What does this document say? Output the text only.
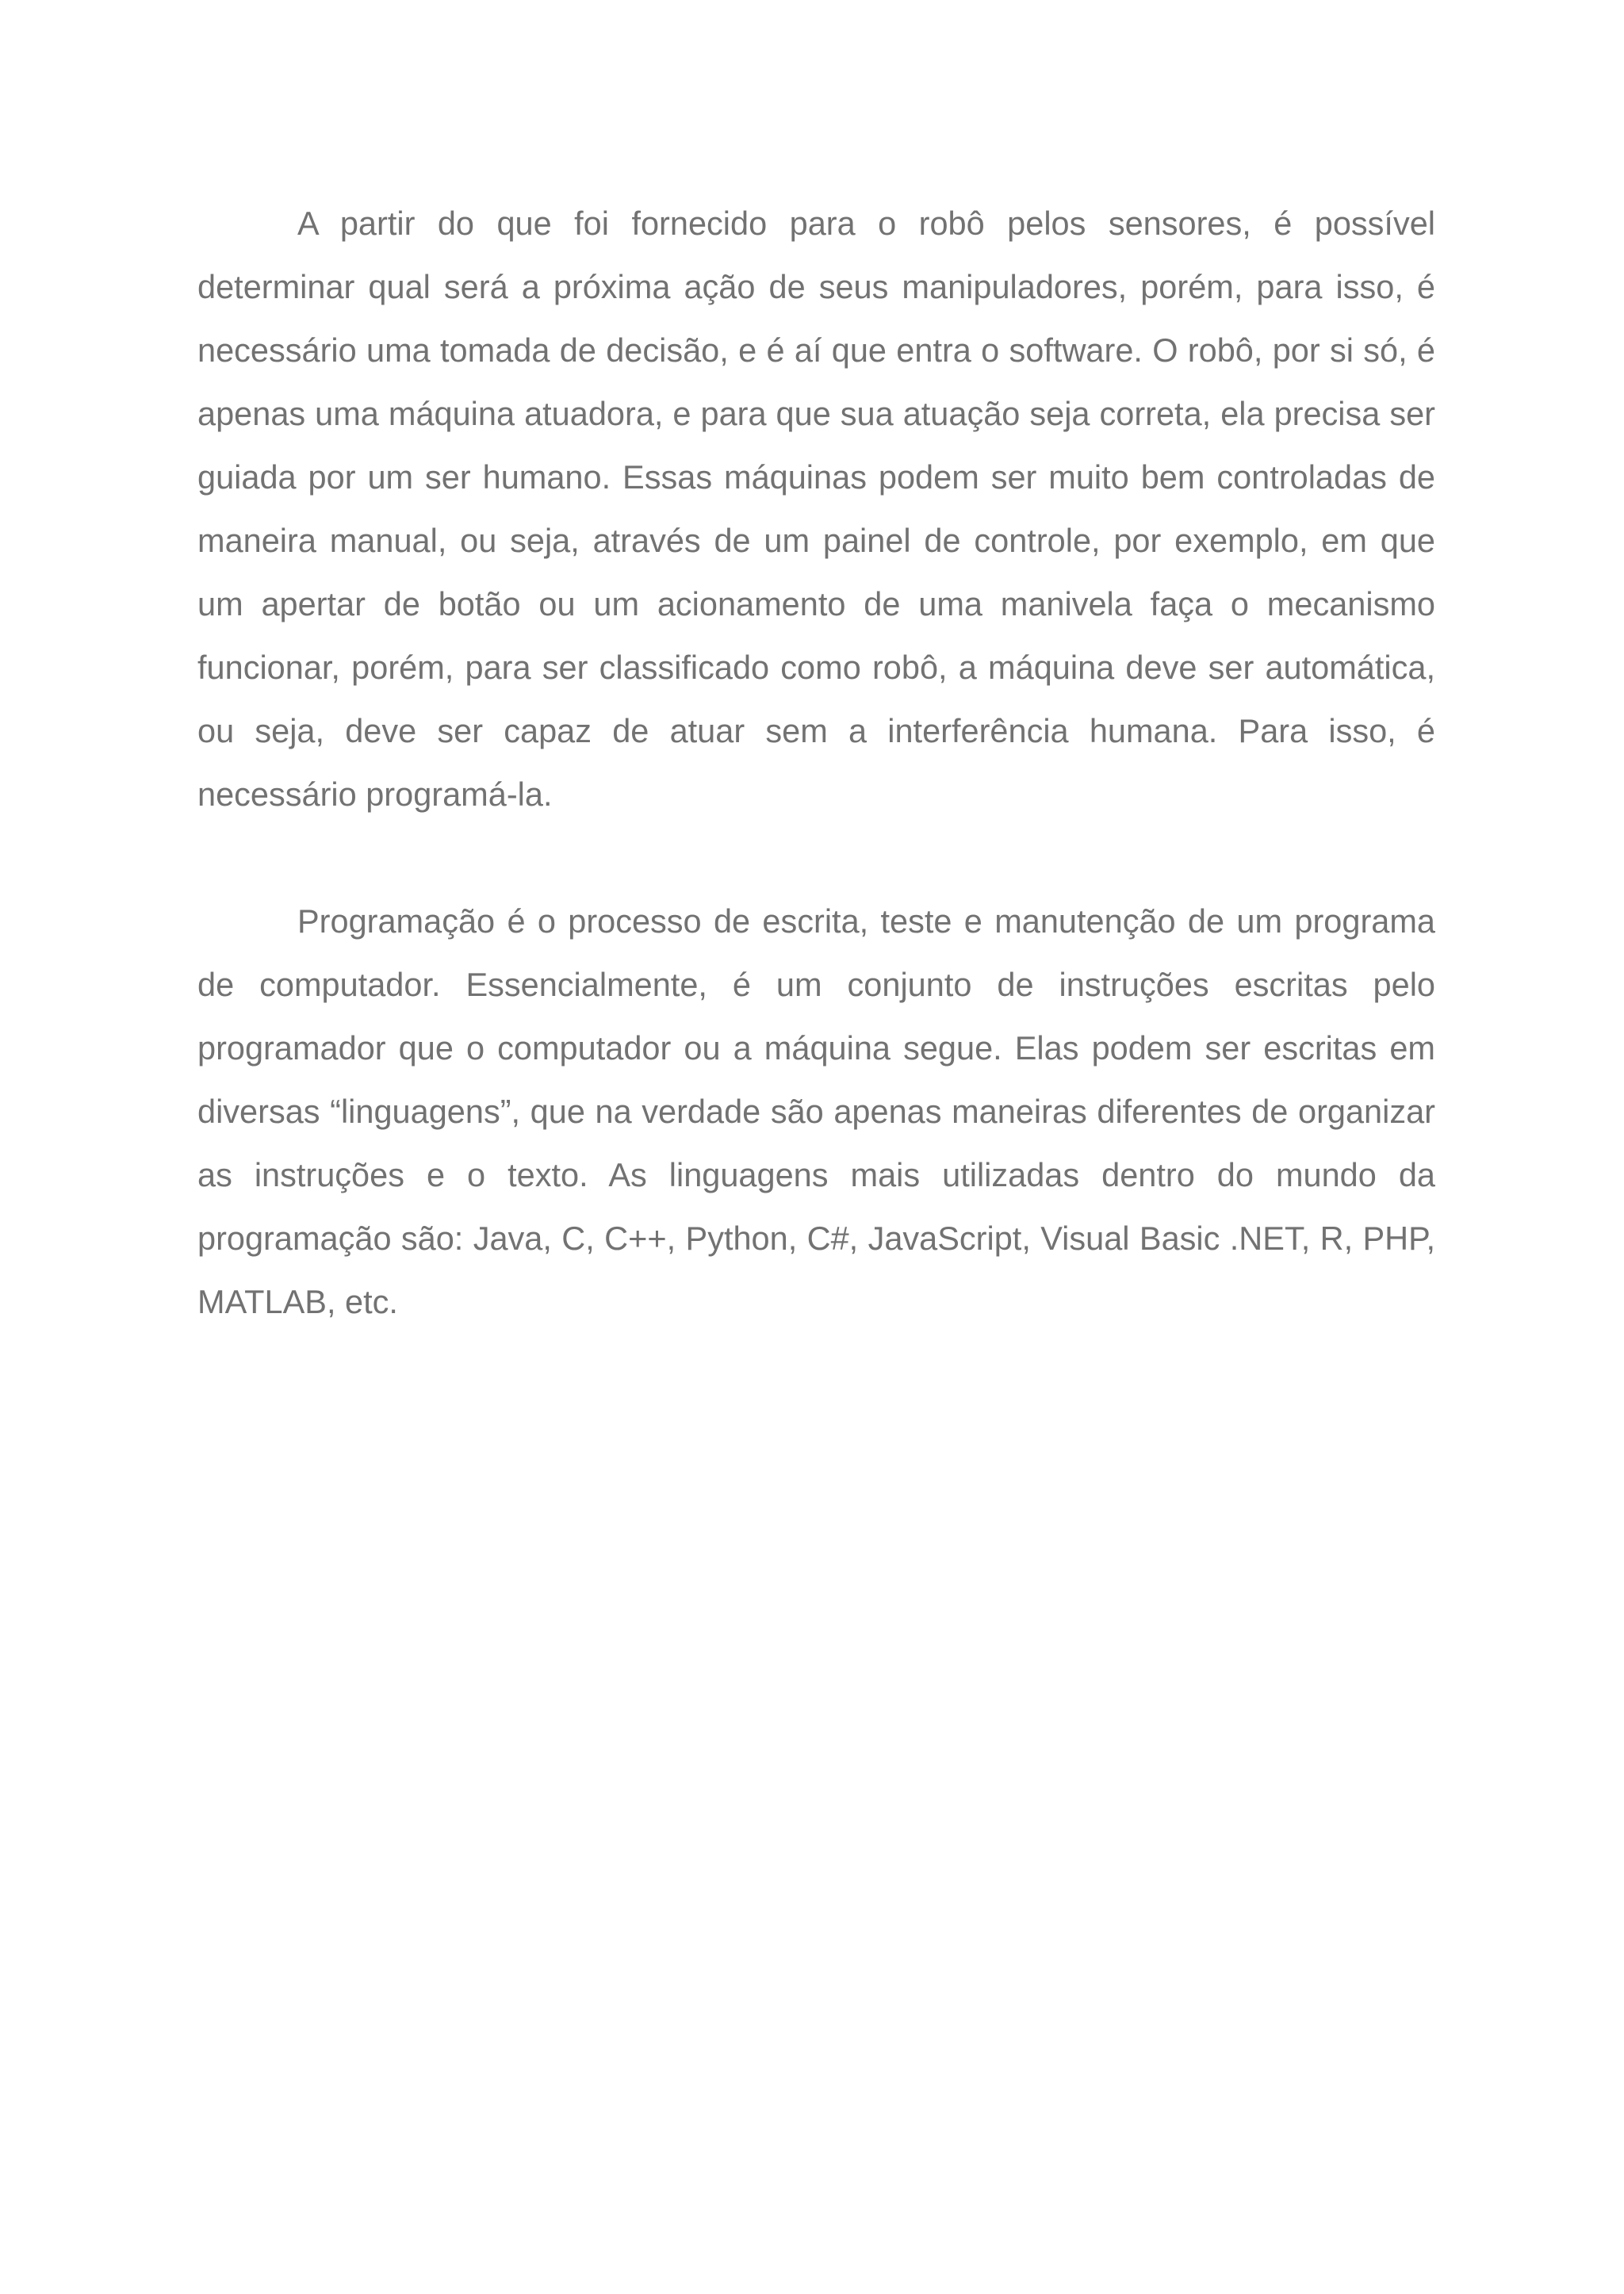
A partir do que foi fornecido para o robô pelos sensores, é possível determinar qual será a próxima ação de seus manipuladores, porém, para isso, é necessário uma tomada de decisão, e é aí que entra o software. O robô, por si só, é apenas uma máquina atuadora, e para que sua atuação seja correta, ela precisa ser guiada por um ser humano. Essas máquinas podem ser muito bem controladas de maneira manual, ou seja, através de um painel de controle, por exemplo, em que um apertar de botão ou um acionamento de uma manivela faça o mecanismo funcionar, porém, para ser classificado como robô, a máquina deve ser automática, ou seja, deve ser capaz de atuar sem a interferência humana. Para isso, é necessário programá-la.

Programação é o processo de escrita, teste e manutenção de um programa de computador. Essencialmente, é um conjunto de instruções escritas pelo programador que o computador ou a máquina segue. Elas podem ser escritas em diversas “linguagens”, que na verdade são apenas maneiras diferentes de organizar as instruções e o texto. As linguagens mais utilizadas dentro do mundo da programação são: Java, C, C++, Python, C#, JavaScript, Visual Basic .NET, R, PHP, MATLAB, etc.
